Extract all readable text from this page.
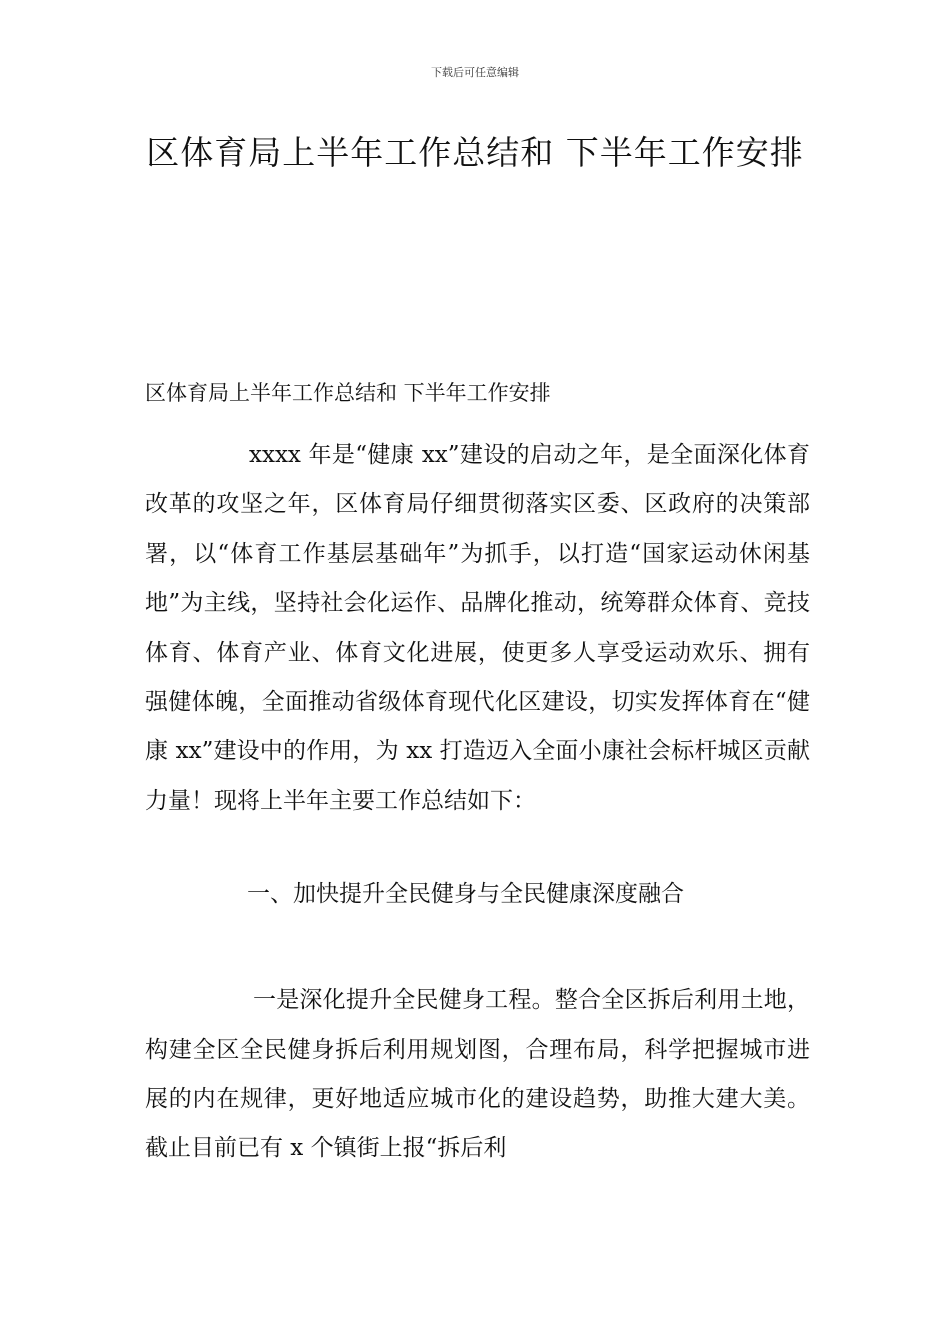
下载后可任意编辑
区体育局上半年工作总结和 下半年工作安排

区体育局上半年工作总结和 下半年工作安排

xxxx 年是“健康 xx”建设的启动之年，是全面深化体育改革的攻坚之年，区体育局仔细贯彻落实区委、区政府的决策部署，以“体育工作基层基础年”为抓手，以打造“国家运动休闲基地”为主线，坚持社会化运作、品牌化推动，统筹群众体育、竞技体育、体育产业、体育文化进展，使更多人享受运动欢乐、拥有强健体魄，全面推动省级体育现代化区建设，切实发挥体育在“健康 xx”建设中的作用，为 xx 打造迈入全面小康社会标杆城区贡献力量！现将上半年主要工作总结如下：

一、加快提升全民健身与全民健康深度融合

一是深化提升全民健身工程。整合全区拆后利用土地，构建全区全民健身拆后利用规划图，合理布局，科学把握城市进展的内在规律，更好地适应城市化的建设趋势，助推大建大美。截止目前已有 x 个镇街上报“拆后利
